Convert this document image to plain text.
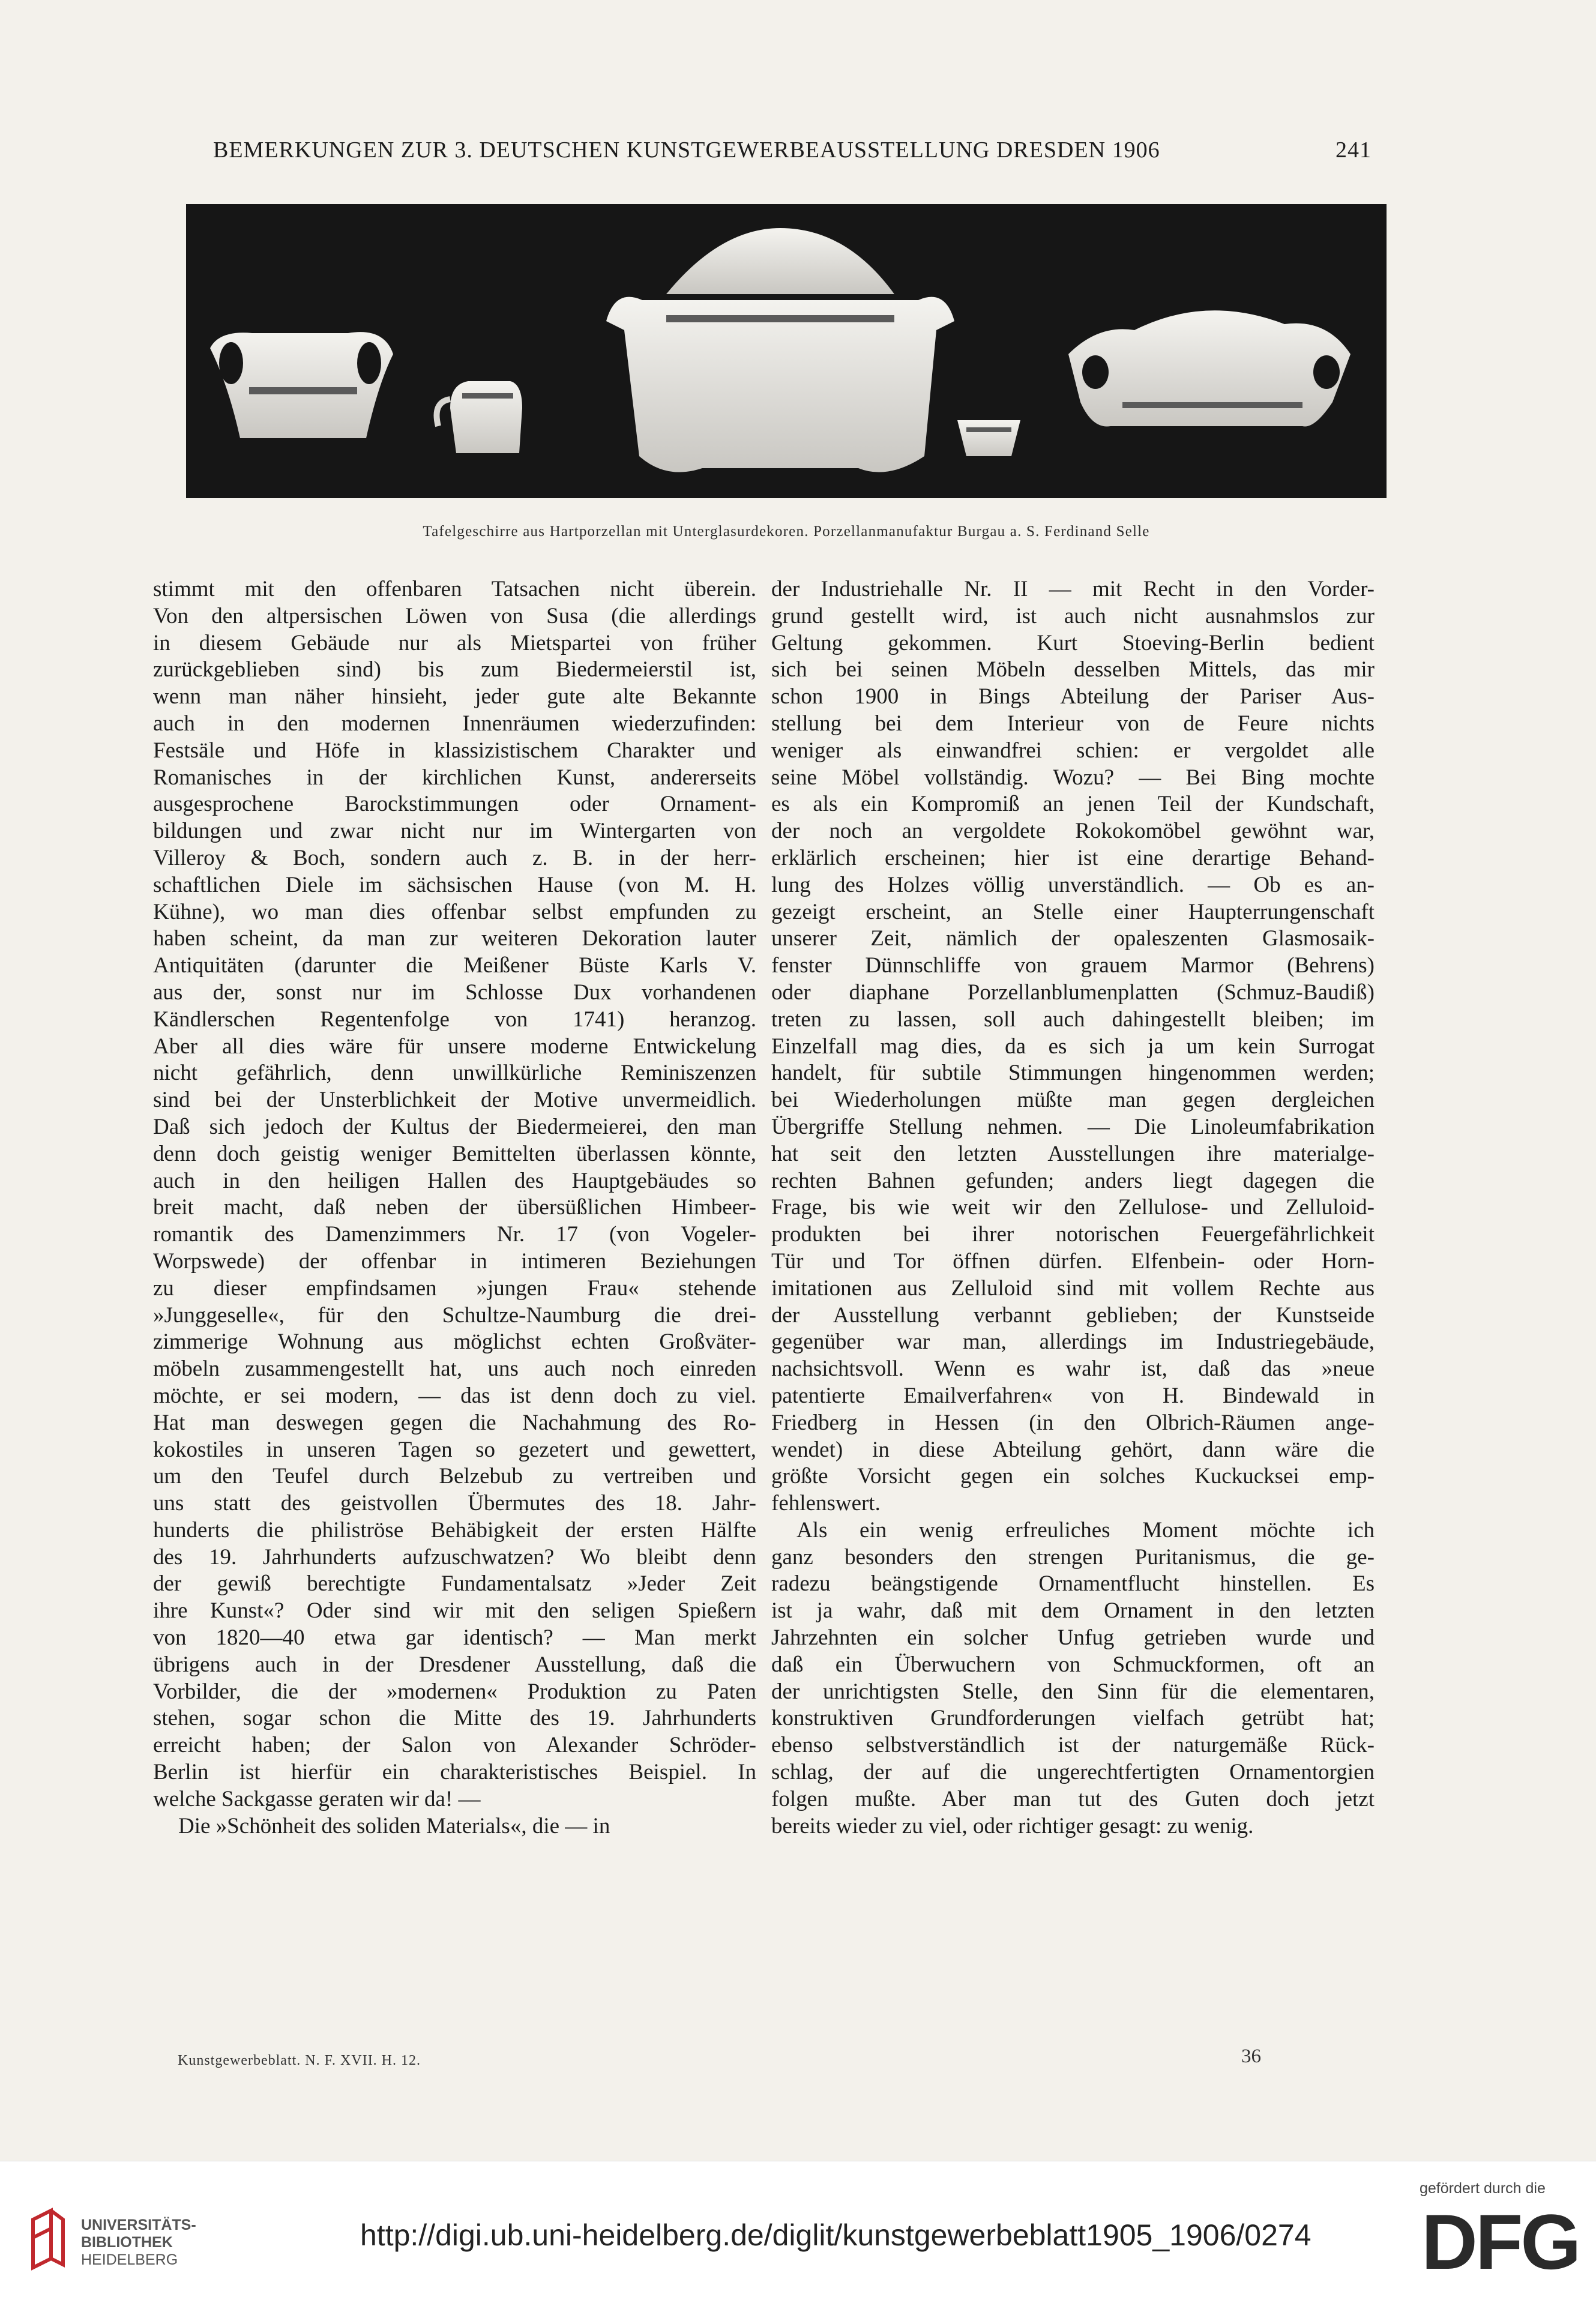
BEMERKUNGEN ZUR 3. DEUTSCHEN KUNSTGEWERBEAUSSTELLUNG DRESDEN 1906	241
Tafelgeschirre aus Hartporzellan mit Unterglasurdekoren. Porzellanmanufaktur Burgau a. S. Ferdinand Selle
stimmt mit den offenbaren Tatsachen nicht überein.
Von den altpersischen Löwen von Susa (die allerdings
in diesem Gebäude nur als Mietspartei von früher
zurückgeblieben sind) bis zum Biedermeierstil ist,
wenn man näher hinsieht, jeder gute alte Bekannte
auch in den modernen Innenräumen wiederzufinden:
Festsäle und Höfe in klassizistischem Charakter und
Romanisches in der kirchlichen Kunst, andererseits
ausgesprochene Barockstimmungen oder Ornament-
bildungen und zwar nicht nur im Wintergarten von
Villeroy & Boch, sondern auch z. B. in der herr-
schaftlichen Diele im sächsischen Hause (von M. H.
Kühne), wo man dies offenbar selbst empfunden zu
haben scheint, da man zur weiteren Dekoration lauter
Antiquitäten (darunter die Meißener Büste Karls V.
aus der, sonst nur im Schlosse Dux vorhandenen
Kändlerschen Regentenfolge von 1741) heranzog.
Aber all dies wäre für unsere moderne Entwickelung
nicht gefährlich, denn unwillkürliche Reminiszenzen
sind bei der Unsterblichkeit der Motive unvermeidlich.
Daß sich jedoch der Kultus der Biedermeierei, den man
denn doch geistig weniger Bemittelten überlassen könnte,
auch in den heiligen Hallen des Hauptgebäudes so
breit macht, daß neben der übersüßlichen Himbeer-
romantik des Damenzimmers Nr. 17 (von Vogeler-
Worpswede) der offenbar in intimeren Beziehungen
zu dieser empfindsamen »jungen Frau« stehende
»Junggeselle«, für den Schultze-Naumburg die drei-
zimmerige Wohnung aus möglichst echten Großväter-
möbeln zusammengestellt hat, uns auch noch einreden
möchte, er sei modern, — das ist denn doch zu viel.
Hat man deswegen gegen die Nachahmung des Ro-
kokostiles in unseren Tagen so gezetert und gewettert,
um den Teufel durch Belzebub zu vertreiben und
uns statt des geistvollen Übermutes des 18. Jahr-
hunderts die philiströse Behäbigkeit der ersten Hälfte
des 19. Jahrhunderts aufzuschwatzen? Wo bleibt denn
der gewiß berechtigte Fundamentalsatz »Jeder Zeit
ihre Kunst«? Oder sind wir mit den seligen Spießern
von 1820—40 etwa gar identisch? — Man merkt
übrigens auch in der Dresdener Ausstellung, daß die
Vorbilder, die der »modernen« Produktion zu Paten
stehen, sogar schon die Mitte des 19. Jahrhunderts
erreicht haben; der Salon von Alexander Schröder-
Berlin ist hierfür ein charakteristisches Beispiel. In
welche Sackgasse geraten wir da! —
Die »Schönheit des soliden Materials«, die — in
der Industriehalle Nr. II — mit Recht in den Vorder-
grund gestellt wird, ist auch nicht ausnahmslos zur
Geltung gekommen. Kurt Stoeving-Berlin bedient
sich bei seinen Möbeln desselben Mittels, das mir
schon 1900 in Bings Abteilung der Pariser Aus-
stellung bei dem Interieur von de Feure nichts
weniger als einwandfrei schien: er vergoldet alle
seine Möbel vollständig. Wozu? — Bei Bing mochte
es als ein Kompromiß an jenen Teil der Kundschaft,
der noch an vergoldete Rokokomöbel gewöhnt war,
erklärlich erscheinen; hier ist eine derartige Behand-
lung des Holzes völlig unverständlich. — Ob es an-
gezeigt erscheint, an Stelle einer Haupterrungenschaft
unserer Zeit, nämlich der opaleszenten Glasmosaik-
fenster Dünnschliffe von grauem Marmor (Behrens)
oder diaphane Porzellanblumenplatten (Schmuz-Baudiß)
treten zu lassen, soll auch dahingestellt bleiben; im
Einzelfall mag dies, da es sich ja um kein Surrogat
handelt, für subtile Stimmungen hingenommen werden;
bei Wiederholungen müßte man gegen dergleichen
Übergriffe Stellung nehmen. — Die Linoleumfabrikation
hat seit den letzten Ausstellungen ihre materialge-
rechten Bahnen gefunden; anders liegt dagegen die
Frage, bis wie weit wir den Zellulose- und Zelluloid-
produkten bei ihrer notorischen Feuergefährlichkeit
Tür und Tor öffnen dürfen. Elfenbein- oder Horn-
imitationen aus Zelluloid sind mit vollem Rechte aus
der Ausstellung verbannt geblieben; der Kunstseide
gegenüber war man, allerdings im Industriegebäude,
nachsichtsvoll. Wenn es wahr ist, daß das »neue
patentierte Emailverfahren« von H. Bindewald in
Friedberg in Hessen (in den Olbrich-Räumen ange-
wendet) in diese Abteilung gehört, dann wäre die
größte Vorsicht gegen ein solches Kuckucksei emp-
fehlenswert.
Als ein wenig erfreuliches Moment möchte ich
ganz besonders den strengen Puritanismus, die ge-
radezu beängstigende Ornamentflucht hinstellen. Es
ist ja wahr, daß mit dem Ornament in den letzten
Jahrzehnten ein solcher Unfug getrieben wurde und
daß ein Überwuchern von Schmuckformen, oft an
der unrichtigsten Stelle, den Sinn für die elementaren,
konstruktiven Grundforderungen vielfach getrübt hat;
ebenso selbstverständlich ist der naturgemäße Rück-
schlag, der auf die ungerechtfertigten Ornamentorgien
folgen mußte. Aber man tut des Guten doch jetzt
bereits wieder zu viel, oder richtiger gesagt: zu wenig.
Kunstgewerbeblatt. N. F. XVII. H. 12.	36
UNIVERSITÄTS-
BIBLIOTHEK
HEIDELBERG
http://digi.ub.uni-heidelberg.de/diglit/kunstgewerbeblatt1905_1906/0274
gefördert durch die
DFG
